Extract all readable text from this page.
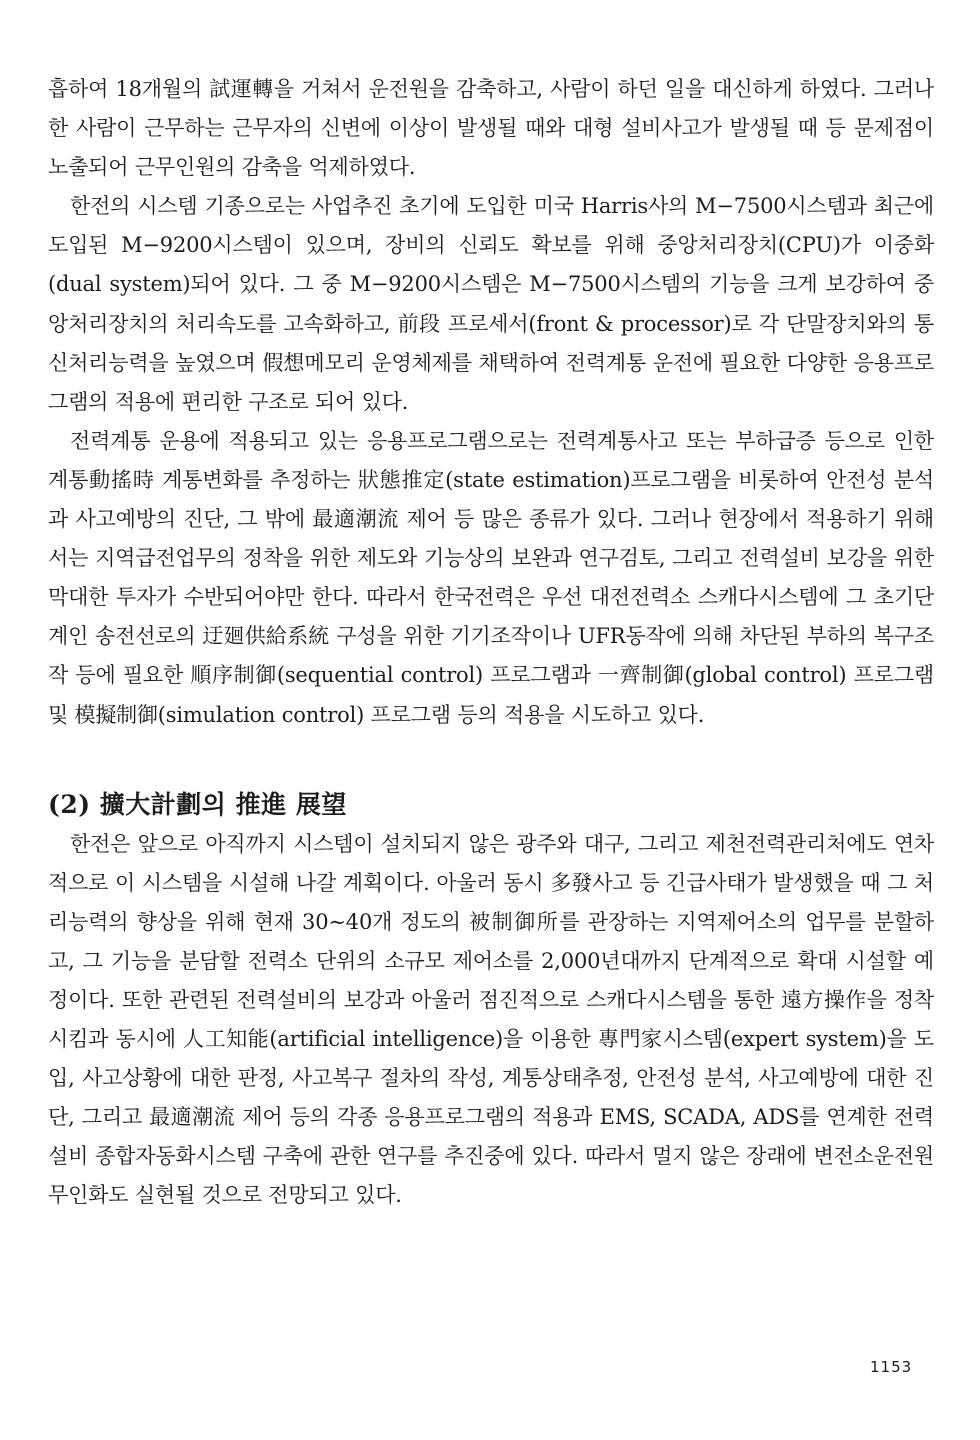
흡하여 18개월의 試運轉을 거쳐서 운전원을 감축하고, 사람이 하던 일을 대신하게 하였다. 그러나 한 사람이 근무하는 근무자의 신변에 이상이 발생될 때와 대형 설비사고가 발생될 때 등 문제점이 노출되어 근무인원의 감축을 억제하였다.

한전의 시스템 기종으로는 사업추진 초기에 도입한 미국 Harris사의 M−7500시스템과 최근에 도입된 M−9200시스템이 있으며, 장비의 신뢰도 확보를 위해 중앙처리장치(CPU)가 이중화(dual system)되어 있다. 그 중 M−9200시스템은 M−7500시스템의 기능을 크게 보강하여 중앙처리장치의 처리속도를 고속화하고, 前段 프로세서(front & processor)로 각 단말장치와의 통신처리능력을 높였으며 假想메모리 운영체제를 채택하여 전력계통 운전에 필요한 다양한 응용프로그램의 적용에 편리한 구조로 되어 있다.

전력계통 운용에 적용되고 있는 응용프로그램으로는 전력계통사고 또는 부하급증 등으로 인한 계통動搖時 계통변화를 추정하는 狀態推定(state estimation)프로그램을 비롯하여 안전성 분석과 사고예방의 진단, 그 밖에 最適潮流 제어 등 많은 종류가 있다. 그러나 현장에서 적용하기 위해서는 지역급전업무의 정착을 위한 제도와 기능상의 보완과 연구검토, 그리고 전력설비 보강을 위한 막대한 투자가 수반되어야만 한다. 따라서 한국전력은 우선 대전전력소 스캐다시스템에 그 초기단계인 송전선로의 迂廻供給系統 구성을 위한 기기조작이나 UFR동작에 의해 차단된 부하의 복구조작 등에 필요한 順序制御(sequential control) 프로그램과 一齊制御(global control) 프로그램 및 模擬制御(simulation control) 프로그램 등의 적용을 시도하고 있다.

(2) 擴大計劃의 推進 展望

한전은 앞으로 아직까지 시스템이 설치되지 않은 광주와 대구, 그리고 제천전력관리처에도 연차적으로 이 시스템을 시설해 나갈 계획이다. 아울러 동시 多發사고 등 긴급사태가 발생했을 때 그 처리능력의 향상을 위해 현재 30∼40개 정도의 被制御所를 관장하는 지역제어소의 업무를 분할하고, 그 기능을 분담할 전력소 단위의 소규모 제어소를 2,000년대까지 단계적으로 확대 시설할 예정이다. 또한 관련된 전력설비의 보강과 아울러 점진적으로 스캐다시스템을 통한 遠方操作을 정착시킴과 동시에 人工知能(artificial intelligence)을 이용한 專門家시스템(expert system)을 도입, 사고상황에 대한 판정, 사고복구 절차의 작성, 계통상태추정, 안전성 분석, 사고예방에 대한 진단, 그리고 最適潮流 제어 등의 각종 응용프로그램의 적용과 EMS, SCADA, ADS를 연계한 전력설비 종합자동화시스템 구축에 관한 연구를 추진중에 있다. 따라서 멀지 않은 장래에 변전소운전원 무인화도 실현될 것으로 전망되고 있다.

1153
